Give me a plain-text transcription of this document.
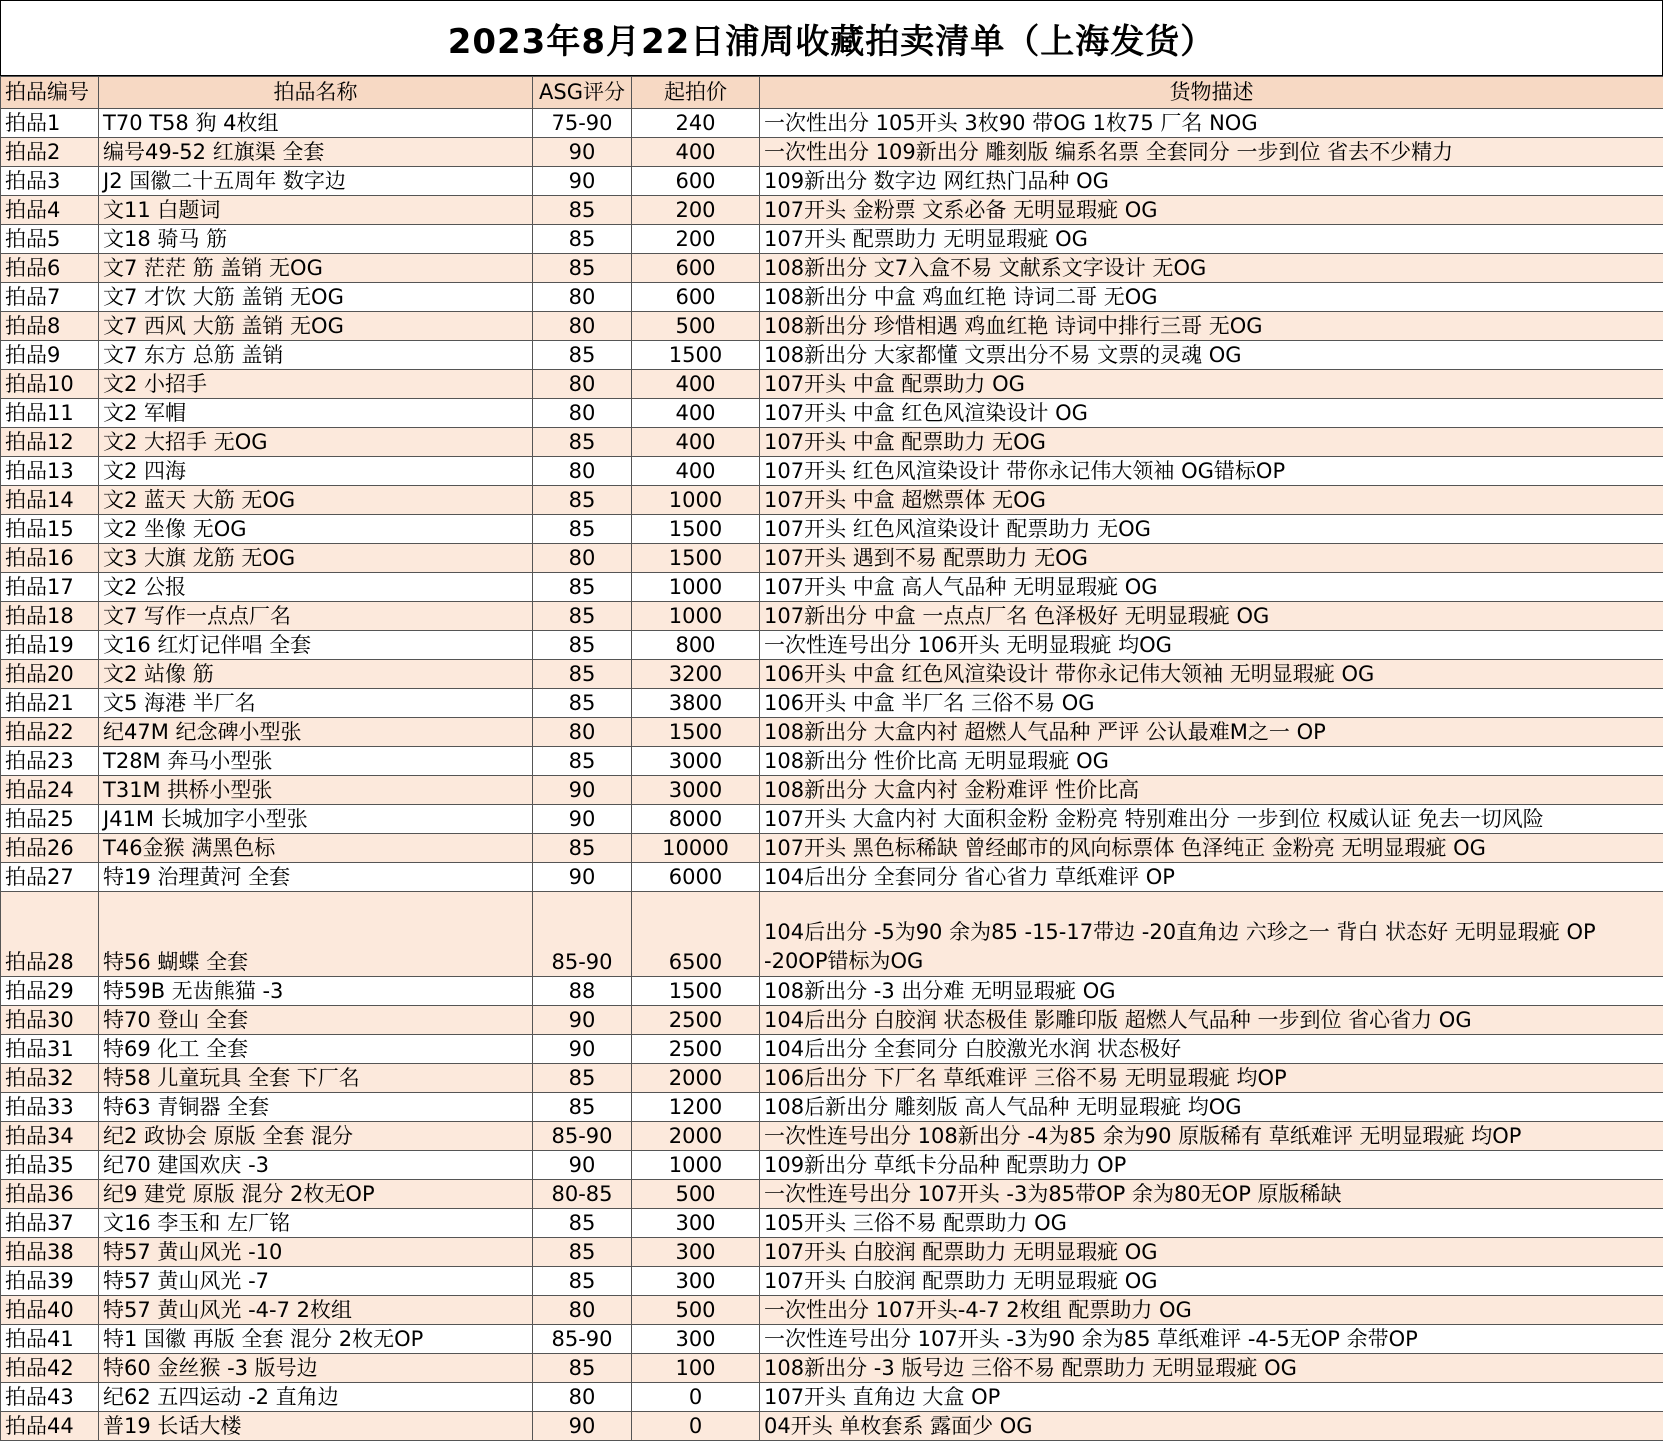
2023年8月22日浦周收藏拍卖清单（上海发货）
拍品编号	拍品名称	ASG评分	起拍价	货物描述
拍品1	T70 T58 狗 4枚组	75-90	240	一次性出分 105开头 3枚90 带OG 1枚75 厂名 NOG
拍品2	编号49-52 红旗渠 全套	90	400	一次性出分 109新出分 雕刻版 编系名票 全套同分 一步到位 省去不少精力
拍品3	J2 国徽二十五周年 数字边	90	600	109新出分 数字边 网红热门品种 OG
拍品4	文11 白题词	85	200	107开头 金粉票 文系必备 无明显瑕疵 OG
拍品5	文18 骑马 筋	85	200	107开头 配票助力 无明显瑕疵 OG
拍品6	文7 茫茫 筋 盖销 无OG	85	600	108新出分 文7入盒不易 文献系文字设计 无OG
拍品7	文7 才饮 大筋 盖销 无OG	80	600	108新出分 中盒 鸡血红艳 诗词二哥 无OG
拍品8	文7 西风 大筋 盖销 无OG	80	500	108新出分 珍惜相遇 鸡血红艳 诗词中排行三哥 无OG
拍品9	文7 东方 总筋 盖销	85	1500	108新出分 大家都懂 文票出分不易 文票的灵魂 OG
拍品10	文2 小招手	80	400	107开头 中盒 配票助力 OG
拍品11	文2 军帽	80	400	107开头 中盒 红色风渲染设计 OG
拍品12	文2 大招手 无OG	85	400	107开头 中盒 配票助力 无OG
拍品13	文2 四海	80	400	107开头 红色风渲染设计 带你永记伟大领袖 OG错标OP
拍品14	文2 蓝天 大筋 无OG	85	1000	107开头 中盒 超燃票体 无OG
拍品15	文2 坐像 无OG	85	1500	107开头 红色风渲染设计 配票助力 无OG
拍品16	文3 大旗 龙筋 无OG	80	1500	107开头 遇到不易 配票助力 无OG
拍品17	文2 公报	85	1000	107开头 中盒 高人气品种 无明显瑕疵 OG
拍品18	文7 写作一点点厂名	85	1000	107新出分 中盒 一点点厂名 色泽极好 无明显瑕疵 OG
拍品19	文16 红灯记伴唱 全套	85	800	一次性连号出分 106开头 无明显瑕疵 均OG
拍品20	文2 站像 筋	85	3200	106开头 中盒 红色风渲染设计 带你永记伟大领袖 无明显瑕疵 OG
拍品21	文5 海港 半厂名	85	3800	106开头 中盒 半厂名 三俗不易 OG
拍品22	纪47M 纪念碑小型张	80	1500	108新出分 大盒内衬 超燃人气品种 严评 公认最难M之一 OP
拍品23	T28M 奔马小型张	85	3000	108新出分 性价比高 无明显瑕疵 OG
拍品24	T31M 拱桥小型张	90	3000	108新出分 大盒内衬 金粉难评 性价比高
拍品25	J41M 长城加字小型张	90	8000	107开头 大盒内衬 大面积金粉 金粉亮 特别难出分 一步到位 权威认证 免去一切风险
拍品26	T46金猴 满黑色标	85	10000	107开头 黑色标稀缺 曾经邮市的风向标票体 色泽纯正 金粉亮 无明显瑕疵 OG
拍品27	特19 治理黄河 全套	90	6000	104后出分 全套同分 省心省力 草纸难评 OP
拍品28	特56 蝴蝶 全套	85-90	6500	104后出分 -5为90 余为85 -15-17带边 -20直角边 六珍之一 背白 状态好 无明显瑕疵 OP
-20OP错标为OG

拍品29	特59B 无齿熊猫 -3	88	1500	108新出分 -3 出分难 无明显瑕疵 OG
拍品30	特70 登山 全套	90	2500	104后出分 白胶润 状态极佳 影雕印版 超燃人气品种 一步到位 省心省力 OG
拍品31	特69 化工 全套	90	2500	104后出分 全套同分 白胶激光水润 状态极好
拍品32	特58 儿童玩具 全套 下厂名	85	2000	106后出分 下厂名 草纸难评 三俗不易 无明显瑕疵 均OP
拍品33	特63 青铜器 全套	85	1200	108后新出分 雕刻版 高人气品种 无明显瑕疵 均OG
拍品34	纪2 政协会 原版 全套 混分	85-90	2000	一次性连号出分 108新出分 -4为85 余为90 原版稀有 草纸难评 无明显瑕疵 均OP
拍品35	纪70 建国欢庆 -3	90	1000	109新出分 草纸卡分品种 配票助力 OP
拍品36	纪9 建党 原版 混分 2枚无OP	80-85	500	一次性连号出分 107开头 -3为85带OP 余为80无OP 原版稀缺
拍品37	文16 李玉和 左厂铭	85	300	105开头 三俗不易 配票助力 OG
拍品38	特57 黄山风光 -10	85	300	107开头 白胶润 配票助力 无明显瑕疵 OG
拍品39	特57 黄山风光 -7	85	300	107开头 白胶润 配票助力 无明显瑕疵 OG
拍品40	特57 黄山风光 -4-7 2枚组	80	500	一次性出分 107开头-4-7 2枚组 配票助力 OG
拍品41	特1 国徽 再版 全套 混分 2枚无OP	85-90	300	一次性连号出分 107开头 -3为90 余为85 草纸难评 -4-5无OP 余带OP
拍品42	特60 金丝猴 -3 版号边	85	100	108新出分 -3 版号边 三俗不易 配票助力 无明显瑕疵 OG
拍品43	纪62 五四运动 -2 直角边	80	0	107开头 直角边 大盒 OP
拍品44	普19 长话大楼	90	0	04开头 单枚套系 露面少 OG
